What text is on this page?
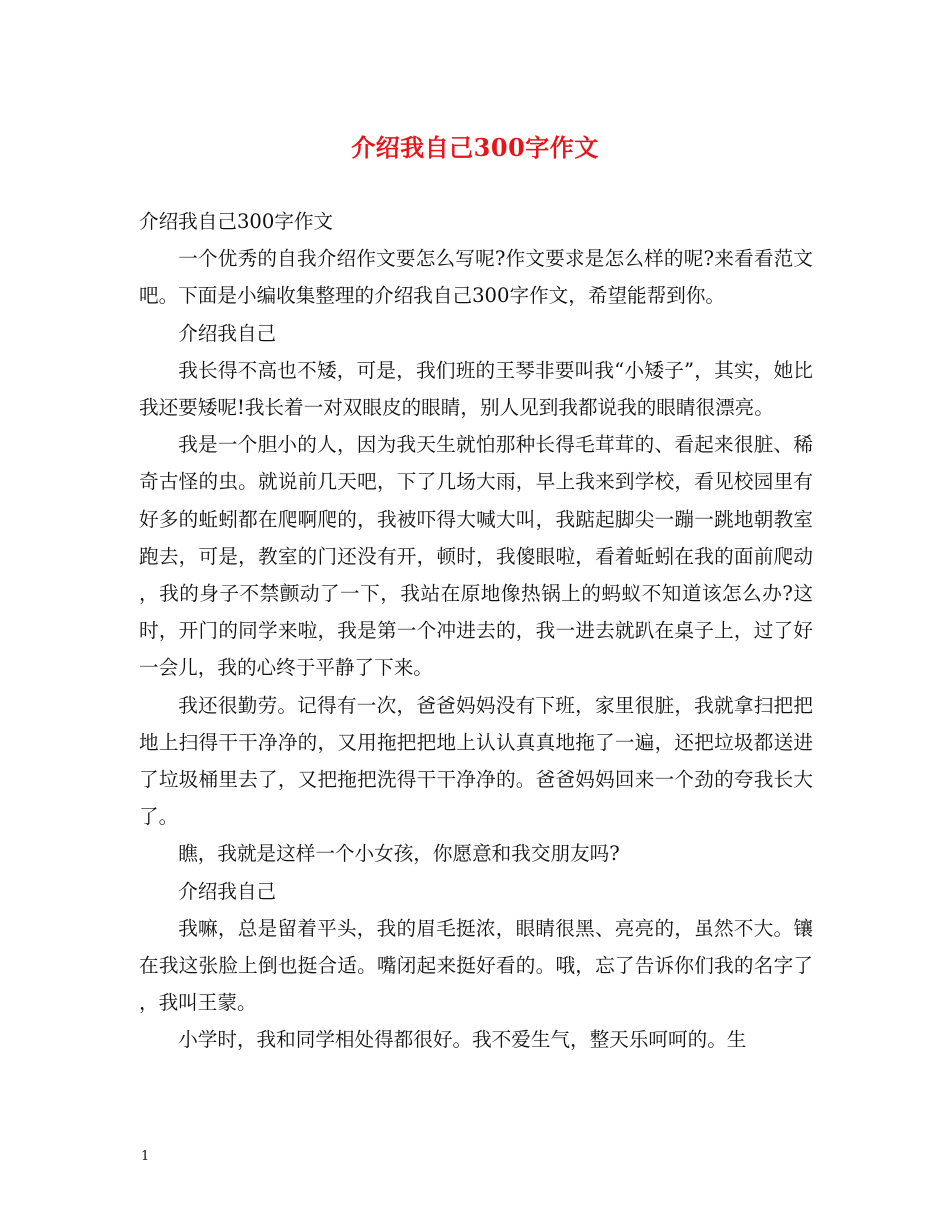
介绍我自己300字作文

介绍我自己300字作文

一个优秀的自我介绍作文要怎么写呢?作文要求是怎么样的呢?来看看范文吧。下面是小编收集整理的介绍我自己300字作文，希望能帮到你。

介绍我自己

我长得不高也不矮，可是，我们班的王琴非要叫我“小矮子”，其实，她比我还要矮呢!我长着一对双眼皮的眼睛，别人见到我都说我的眼睛很漂亮。

我是一个胆小的人，因为我天生就怕那种长得毛茸茸的、看起来很脏、稀奇古怪的虫。就说前几天吧，下了几场大雨，早上我来到学校，看见校园里有好多的蚯蚓都在爬啊爬的，我被吓得大喊大叫，我踮起脚尖一蹦一跳地朝教室跑去，可是，教室的门还没有开，顿时，我傻眼啦，看着蚯蚓在我的面前爬动，我的身子不禁颤动了一下，我站在原地像热锅上的蚂蚁不知道该怎么办?这时，开门的同学来啦，我是第一个冲进去的，我一进去就趴在桌子上，过了好一会儿，我的心终于平静了下来。

我还很勤劳。记得有一次，爸爸妈妈没有下班，家里很脏，我就拿扫把把地上扫得干干净净的，又用拖把把地上认认真真地拖了一遍，还把垃圾都送进了垃圾桶里去了，又把拖把洗得干干净净的。爸爸妈妈回来一个劲的夸我长大了。

瞧，我就是这样一个小女孩，你愿意和我交朋友吗?

介绍我自己

我嘛，总是留着平头，我的眉毛挺浓，眼睛很黑、亮亮的，虽然不大。镶在我这张脸上倒也挺合适。嘴闭起来挺好看的。哦，忘了告诉你们我的名字了，我叫王蒙。

小学时，我和同学相处得都很好。我不爱生气，整天乐呵呵的。生

1
